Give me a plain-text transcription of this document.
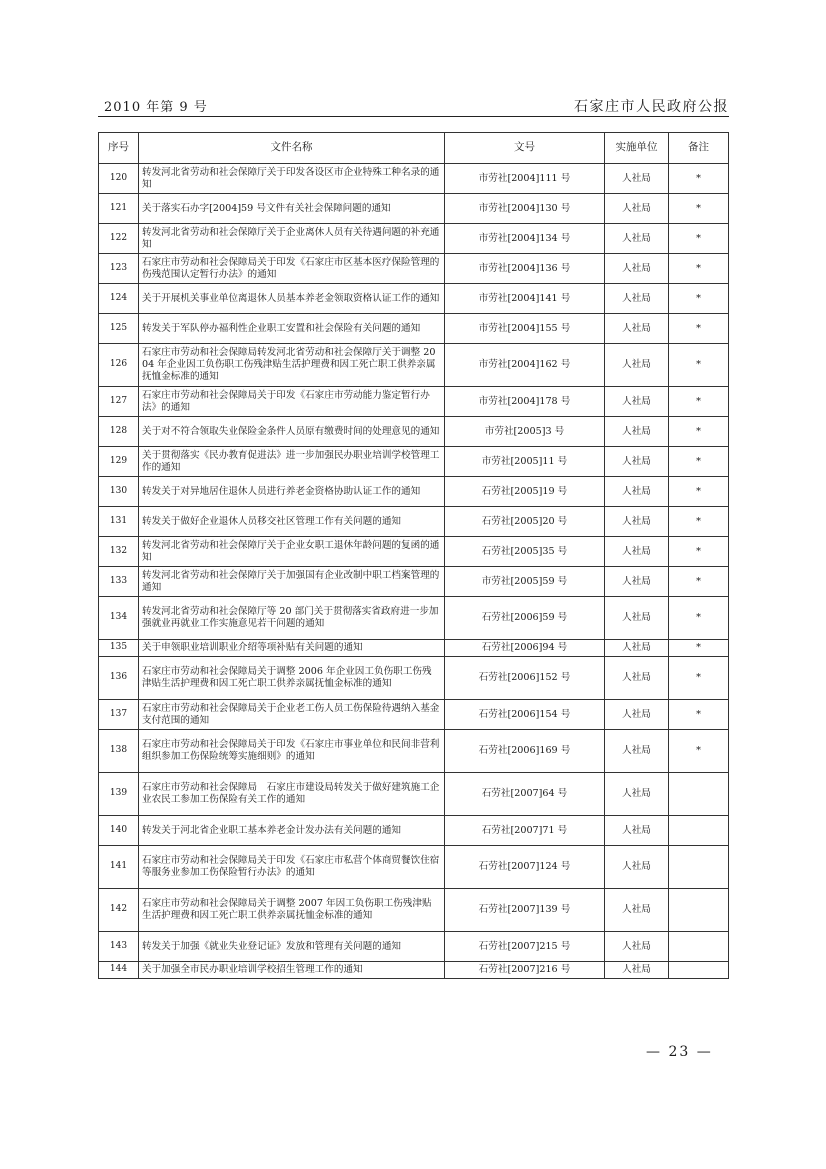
2010 年第 9 号	石家庄市人民政府公报
序号	文件名称	文号	实施单位	备注
120	转发河北省劳动和社会保障厅关于印发各设区市企业特殊工种名录的通知	市劳社[2004]111 号	人社局	*
121	关于落实石办字[2004]59 号文件有关社会保障问题的通知	市劳社[2004]130 号	人社局	*
122	转发河北省劳动和社会保障厅关于企业离休人员有关待遇问题的补充通知	市劳社[2004]134 号	人社局	*
123	石家庄市劳动和社会保障局关于印发《石家庄市区基本医疗保险管理的伤残范围认定暂行办法》的通知	市劳社[2004]136 号	人社局	*
124	关于开展机关事业单位离退休人员基本养老金领取资格认证工作的通知	市劳社[2004]141 号	人社局	*
125	转发关于军队停办福利性企业职工安置和社会保险有关问题的通知	市劳社[2004]155 号	人社局	*
126	石家庄市劳动和社会保障局转发河北省劳动和社会保障厅关于调整 2004 年企业因工负伤职工伤残津贴生活护理费和因工死亡职工供养亲属抚恤金标准的通知	市劳社[2004]162 号	人社局	*
127	石家庄市劳动和社会保障局关于印发《石家庄市劳动能力鉴定暂行办法》的通知	市劳社[2004]178 号	人社局	*
128	关于对不符合领取失业保险金条件人员原有缴费时间的处理意见的通知	市劳社[2005]3 号	人社局	*
129	关于贯彻落实《民办教育促进法》进一步加强民办职业培训学校管理工作的通知	市劳社[2005]11 号	人社局	*
130	转发关于对异地居住退休人员进行养老金资格协助认证工作的通知	石劳社[2005]19 号	人社局	*
131	转发关于做好企业退休人员移交社区管理工作有关问题的通知	石劳社[2005]20 号	人社局	*
132	转发河北省劳动和社会保障厅关于企业女职工退休年龄问题的复函的通知	石劳社[2005]35 号	人社局	*
133	转发河北省劳动和社会保障厅关于加强国有企业改制中职工档案管理的通知	市劳社[2005]59 号	人社局	*
134	转发河北省劳动和社会保障厅等 20 部门关于贯彻落实省政府进一步加强就业再就业工作实施意见若干问题的通知	石劳社[2006]59 号	人社局	*
135	关于申领职业培训职业介绍等项补贴有关问题的通知	石劳社[2006]94 号	人社局	*
136	石家庄市劳动和社会保障局关于调整 2006 年企业因工负伤职工伤残津贴生活护理费和因工死亡职工供养亲属抚恤金标准的通知	石劳社[2006]152 号	人社局	*
137	石家庄市劳动和社会保障局关于企业老工伤人员工伤保险待遇纳入基金支付范围的通知	石劳社[2006]154 号	人社局	*
138	石家庄市劳动和社会保障局关于印发《石家庄市事业单位和民间非营利组织参加工伤保险统筹实施细则》的通知	石劳社[2006]169 号	人社局	*
139	石家庄市劳动和社会保障局　石家庄市建设局转发关于做好建筑施工企业农民工参加工伤保险有关工作的通知	石劳社[2007]64 号	人社局	
140	转发关于河北省企业职工基本养老金计发办法有关问题的通知	石劳社[2007]71 号	人社局	
141	石家庄市劳动和社会保障局关于印发《石家庄市私营个体商贸餐饮住宿等服务业参加工伤保险暂行办法》的通知	石劳社[2007]124 号	人社局	
142	石家庄市劳动和社会保障局关于调整 2007 年因工负伤职工伤残津贴　生活护理费和因工死亡职工供养亲属抚恤金标准的通知	石劳社[2007]139 号	人社局	
143	转发关于加强《就业失业登记证》发放和管理有关问题的通知	石劳社[2007]215 号	人社局	
144	关于加强全市民办职业培训学校招生管理工作的通知	石劳社[2007]216 号	人社局	
— 23 —
